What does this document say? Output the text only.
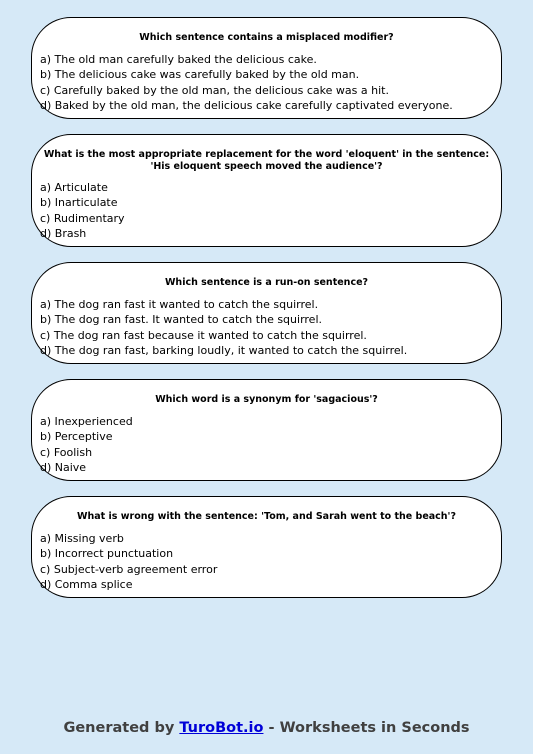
Which sentence contains a misplaced modifier?

a) The old man carefully baked the delicious cake.
b) The delicious cake was carefully baked by the old man.
c) Carefully baked by the old man, the delicious cake was a hit.
d) Baked by the old man, the delicious cake carefully captivated everyone.

What is the most appropriate replacement for the word 'eloquent' in the sentence:

'His eloquent speech moved the audience'?

a) Articulate
b) Inarticulate
c) Rudimentary
d) Brash

Which sentence is a run-on sentence?

a) The dog ran fast it wanted to catch the squirrel.
b) The dog ran fast. It wanted to catch the squirrel.
c) The dog ran fast because it wanted to catch the squirrel.
d) The dog ran fast, barking loudly, it wanted to catch the squirrel.

Which word is a synonym for 'sagacious'?

a) Inexperienced
b) Perceptive
c) Foolish
d) Naive

What is wrong with the sentence: 'Tom, and Sarah went to the beach'?

a) Missing verb
b) Incorrect punctuation
c) Subject-verb agreement error
d) Comma splice
Generated by TuroBot.io - Worksheets in Seconds
